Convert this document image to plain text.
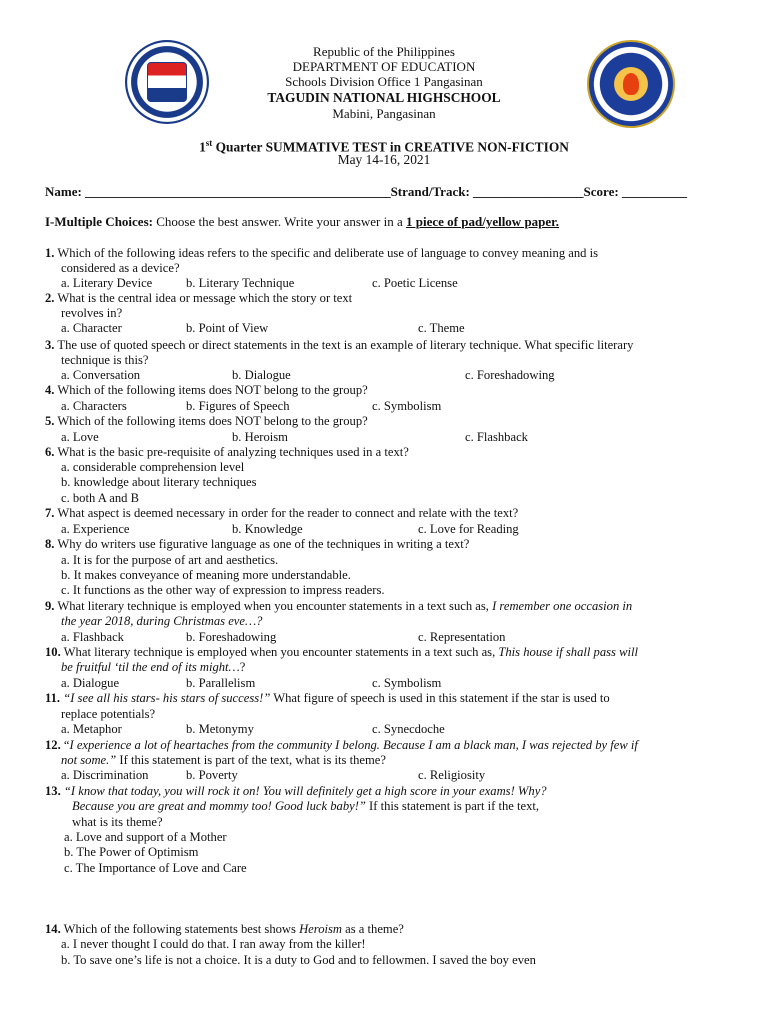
Republic of the Philippines
DEPARTMENT OF EDUCATION
Schools Division Office 1 Pangasinan
TAGUDIN NATIONAL HIGHSCHOOL
Mabini, Pangasinan
1st Quarter SUMMATIVE TEST in CREATIVE NON-FICTION
May 14-16, 2021
Name: _______________________________________________Strand/Track: _________________Score: __________
I-Multiple Choices: Choose the best answer. Write your answer in a 1 piece of pad/yellow paper.
1. Which of the following ideas refers to the specific and deliberate use of language to convey meaning and is
considered as a device?
a. Literary Device	b. Literary Technique	c. Poetic License
2. What is the central idea or message which the story or text
revolves in?
a. Character	b. Point of View	c. Theme
3. The use of quoted speech or direct statements in the text is an example of literary technique. What specific literary
technique is this?
a. Conversation	b. Dialogue	c. Foreshadowing
4. Which of the following items does NOT belong to the group?
a. Characters	b. Figures of Speech	c. Symbolism
5. Which of the following items does NOT belong to the group?
a. Love	b. Heroism	c. Flashback
6. What is the basic pre-requisite of analyzing techniques used in a text?
a. considerable comprehension level
b. knowledge about literary techniques
c. both A and B
7. What aspect is deemed necessary in order for the reader to connect and relate with the text?
a. Experience	b. Knowledge	c. Love for Reading
8. Why do writers use figurative language as one of the techniques in writing a text?
a. It is for the purpose of art and aesthetics.
b. It makes conveyance of meaning more understandable.
c. It functions as the other way of expression to impress readers.
9. What literary technique is employed when you encounter statements in a text such as, I remember one occasion in
the year 2018, during Christmas eve…?
a. Flashback	b. Foreshadowing	c. Representation
10. What literary technique is employed when you encounter statements in a text such as, This house if shall pass will
be fruitful ‘til the end of its might…?
a. Dialogue	b. Parallelism	c. Symbolism
11. “I see all his stars- his stars of success!” What figure of speech is used in this statement if the star is used to
replace potentials?
a. Metaphor	b. Metonymy	c. Synecdoche
12. “I experience a lot of heartaches from the community I belong. Because I am a black man, I was rejected by few if
not some.” If this statement is part of the text, what is its theme?
a. Discrimination	b. Poverty	c. Religiosity
13. “I know that today, you will rock it on! You will definitely get a high score in your exams! Why?
Because you are great and mommy too! Good luck baby!” If this statement is part if the text,
what is its theme?
a. Love and support of a Mother
b. The Power of Optimism
c. The Importance of Love and Care
14. Which of the following statements best shows Heroism as a theme?
a. I never thought I could do that. I ran away from the killer!
b. To save one’s life is not a choice. It is a duty to God and to fellowmen. I saved the boy even
